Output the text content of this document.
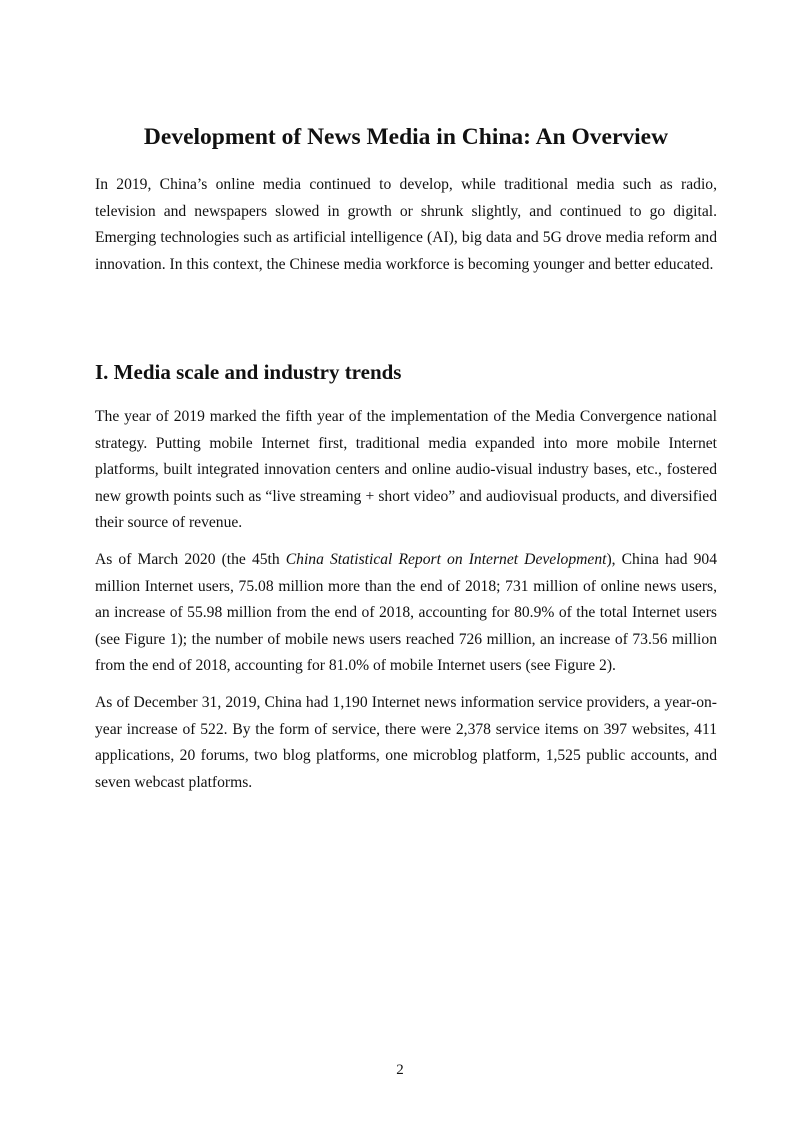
Development of News Media in China: An Overview

In 2019, China’s online media continued to develop, while traditional media such as radio, television and newspapers slowed in growth or shrunk slightly, and continued to go digital. Emerging technologies such as artificial intelligence (AI), big data and 5G drove media reform and innovation. In this context, the Chinese media workforce is becoming younger and better educated.

I. Media scale and industry trends

The year of 2019 marked the fifth year of the implementation of the Media Convergence national strategy. Putting mobile Internet first, traditional media expanded into more mobile Internet platforms, built integrated innovation centers and online audio-visual industry bases, etc., fostered new growth points such as “live streaming + short video” and audiovisual products, and diversified their source of revenue.

As of March 2020 (the 45th China Statistical Report on Internet Development), China had 904 million Internet users, 75.08 million more than the end of 2018; 731 million of online news users, an increase of 55.98 million from the end of 2018, accounting for 80.9% of the total Internet users (see Figure 1); the number of mobile news users reached 726 million, an increase of 73.56 million from the end of 2018, accounting for 81.0% of mobile Internet users (see Figure 2).

As of December 31, 2019, China had 1,190 Internet news information service providers, a year-on-year increase of 522. By the form of service, there were 2,378 service items on 397 websites, 411 applications, 20 forums, two blog platforms, one microblog platform, 1,525 public accounts, and seven webcast platforms.

2
